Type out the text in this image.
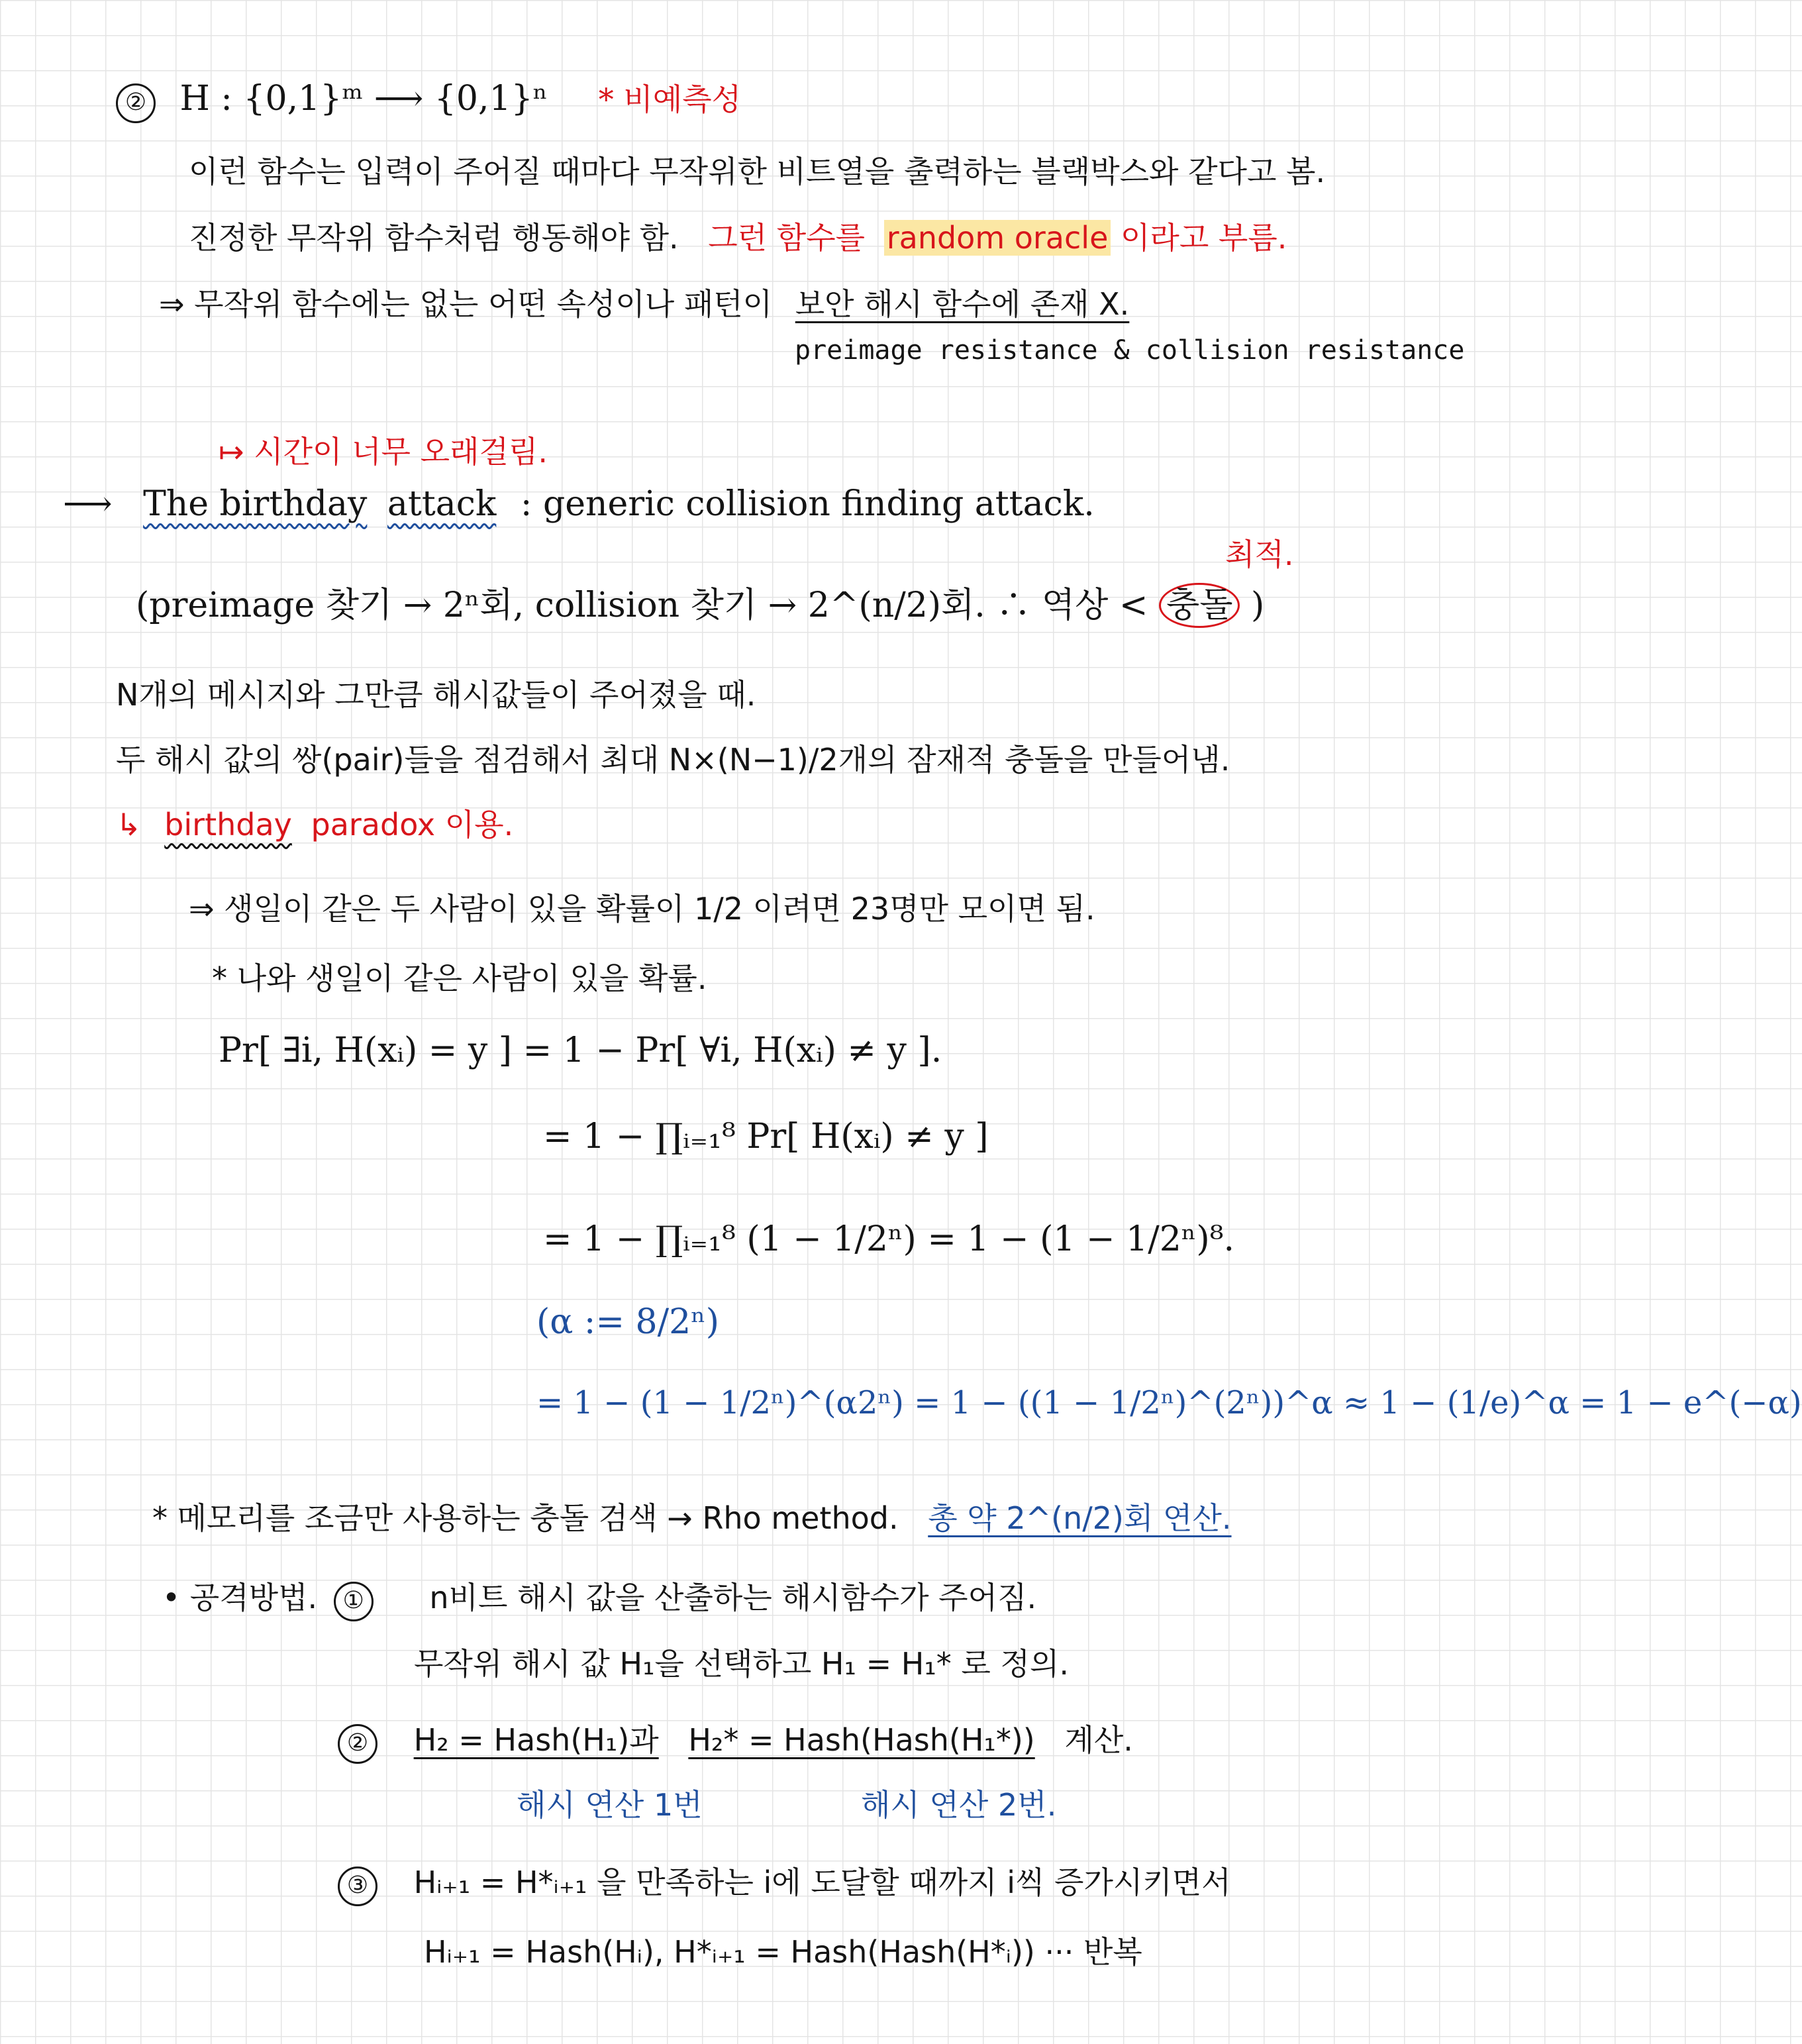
② H : {0,1}ᵐ ⟶ {0,1}ⁿ * 비예측성
이런 함수는 입력이 주어질 때마다 무작위한 비트열을 출력하는 블랙박스와 같다고 봄.
진정한 무작위 함수처럼 행동해야 함. 그런 함수를 random oracle 이라고 부름.
⇒ 무작위 함수에는 없는 어떤 속성이나 패턴이 보안 해시 함수에 존재 X.
preimage resistance & collision resistance
↦ 시간이 너무 오래걸림.
⟶ The birthday attack : generic collision finding attack.
최적.
(preimage 찾기 → 2ⁿ회, collision 찾기 → 2^(n/2)회. ∴ 역상 < 충돌 )
N개의 메시지와 그만큼 해시값들이 주어졌을 때.
두 해시 값의 쌍(pair)들을 점검해서 최대 N×(N−1)/2개의 잠재적 충돌을 만들어냄.
↳ birthday paradox 이용.
⇒ 생일이 같은 두 사람이 있을 확률이 1/2 이려면 23명만 모이면 됨.
* 나와 생일이 같은 사람이 있을 확률.
Pr[ ∃i, H(xᵢ) = y ] = 1 − Pr[ ∀i, H(xᵢ) ≠ y ].
= 1 − ∏ᵢ₌₁⁸ Pr[ H(xᵢ) ≠ y ]
= 1 − ∏ᵢ₌₁⁸ (1 − 1/2ⁿ) = 1 − (1 − 1/2ⁿ)⁸.
(α := 8/2ⁿ)
= 1 − (1 − 1/2ⁿ)^(α2ⁿ) = 1 − ((1 − 1/2ⁿ)^(2ⁿ))^α ≈ 1 − (1/e)^α = 1 − e^(−α)
* 메모리를 조금만 사용하는 충돌 검색 → Rho method. 총 약 2^(n/2)회 연산.
• 공격방법. ① n비트 해시 값을 산출하는 해시함수가 주어짐.
무작위 해시 값 H₁을 선택하고 H₁ = H₁* 로 정의.
② H₂ = Hash(H₁)과 H₂* = Hash(Hash(H₁*)) 계산.
해시 연산 1번	해시 연산 2번.
③ Hᵢ₊₁ = H*ᵢ₊₁ 을 만족하는 i에 도달할 때까지 i씩 증가시키면서
Hᵢ₊₁ = Hash(Hᵢ), H*ᵢ₊₁ = Hash(Hash(H*ᵢ)) ··· 반복
